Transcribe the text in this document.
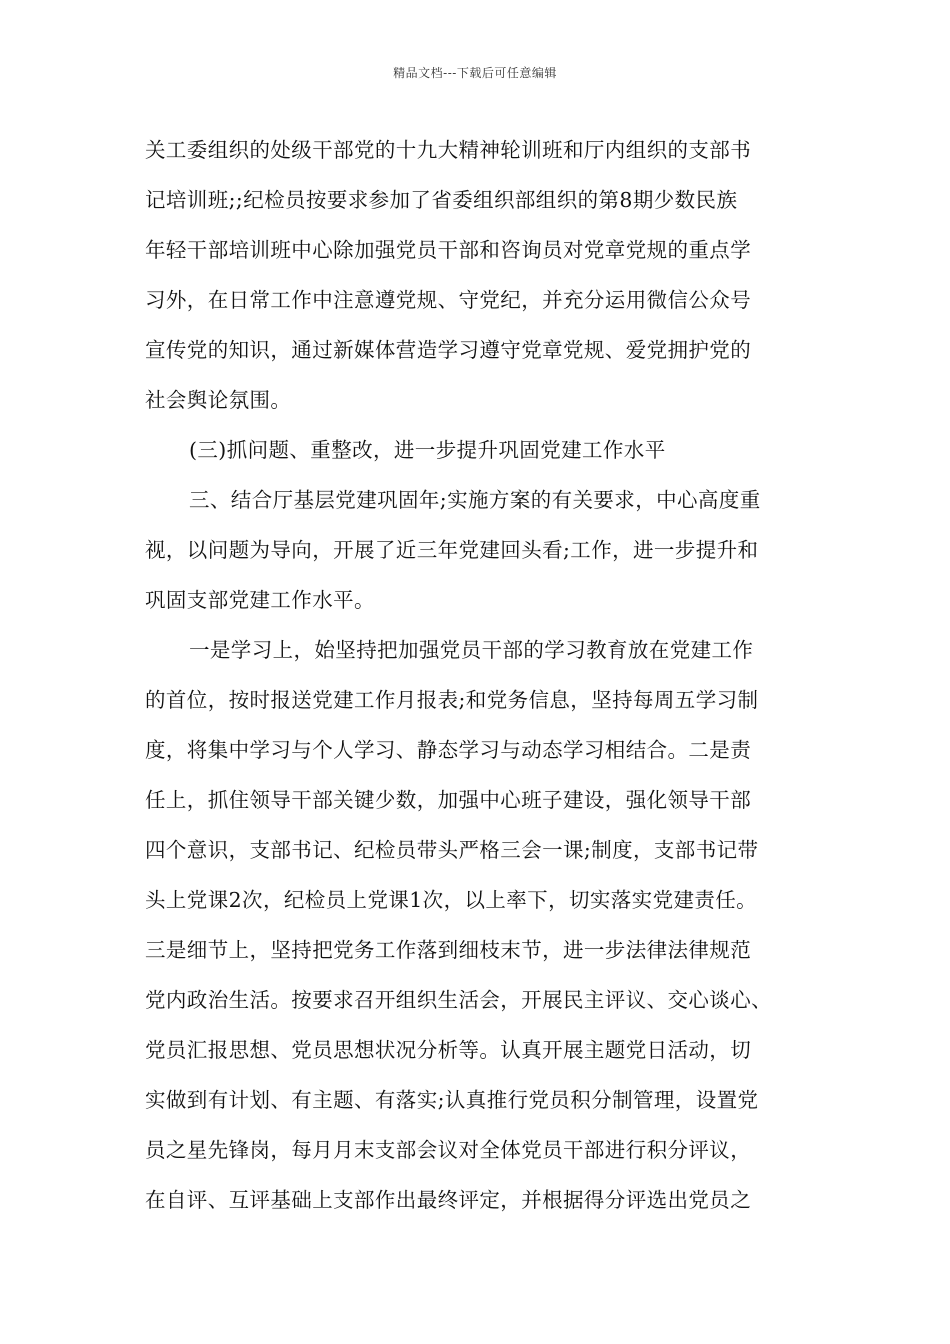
精品文档---下载后可任意编辑
关工委组织的处级干部党的十九大精神轮训班和厅内组织的支部书
记培训班;;纪检员按要求参加了省委组织部组织的第8期少数民族
年轻干部培训班中心除加强党员干部和咨询员对党章党规的重点学
习外，在日常工作中注意遵党规、守党纪，并充分运用微信公众号
宣传党的知识，通过新媒体营造学习遵守党章党规、爱党拥护党的
社会舆论氛围。
(三)抓问题、重整改，进一步提升巩固党建工作水平
三、结合厅基层党建巩固年;实施方案的有关要求，中心高度重
视，以问题为导向，开展了近三年党建回头看;工作，进一步提升和
巩固支部党建工作水平。
一是学习上，始坚持把加强党员干部的学习教育放在党建工作
的首位，按时报送党建工作月报表;和党务信息，坚持每周五学习制
度，将集中学习与个人学习、静态学习与动态学习相结合。二是责
任上，抓住领导干部关键少数，加强中心班子建设，强化领导干部
四个意识，支部书记、纪检员带头严格三会一课;制度，支部书记带
头上党课2次，纪检员上党课1次，以上率下，切实落实党建责任。
三是细节上，坚持把党务工作落到细枝末节，进一步法律法律规范
党内政治生活。按要求召开组织生活会，开展民主评议、交心谈心、
党员汇报思想、党员思想状况分析等。认真开展主题党日活动，切
实做到有计划、有主题、有落实;认真推行党员积分制管理，设置党
员之星先锋岗，每月月末支部会议对全体党员干部进行积分评议，
在自评、互评基础上支部作出最终评定，并根据得分评选出党员之
